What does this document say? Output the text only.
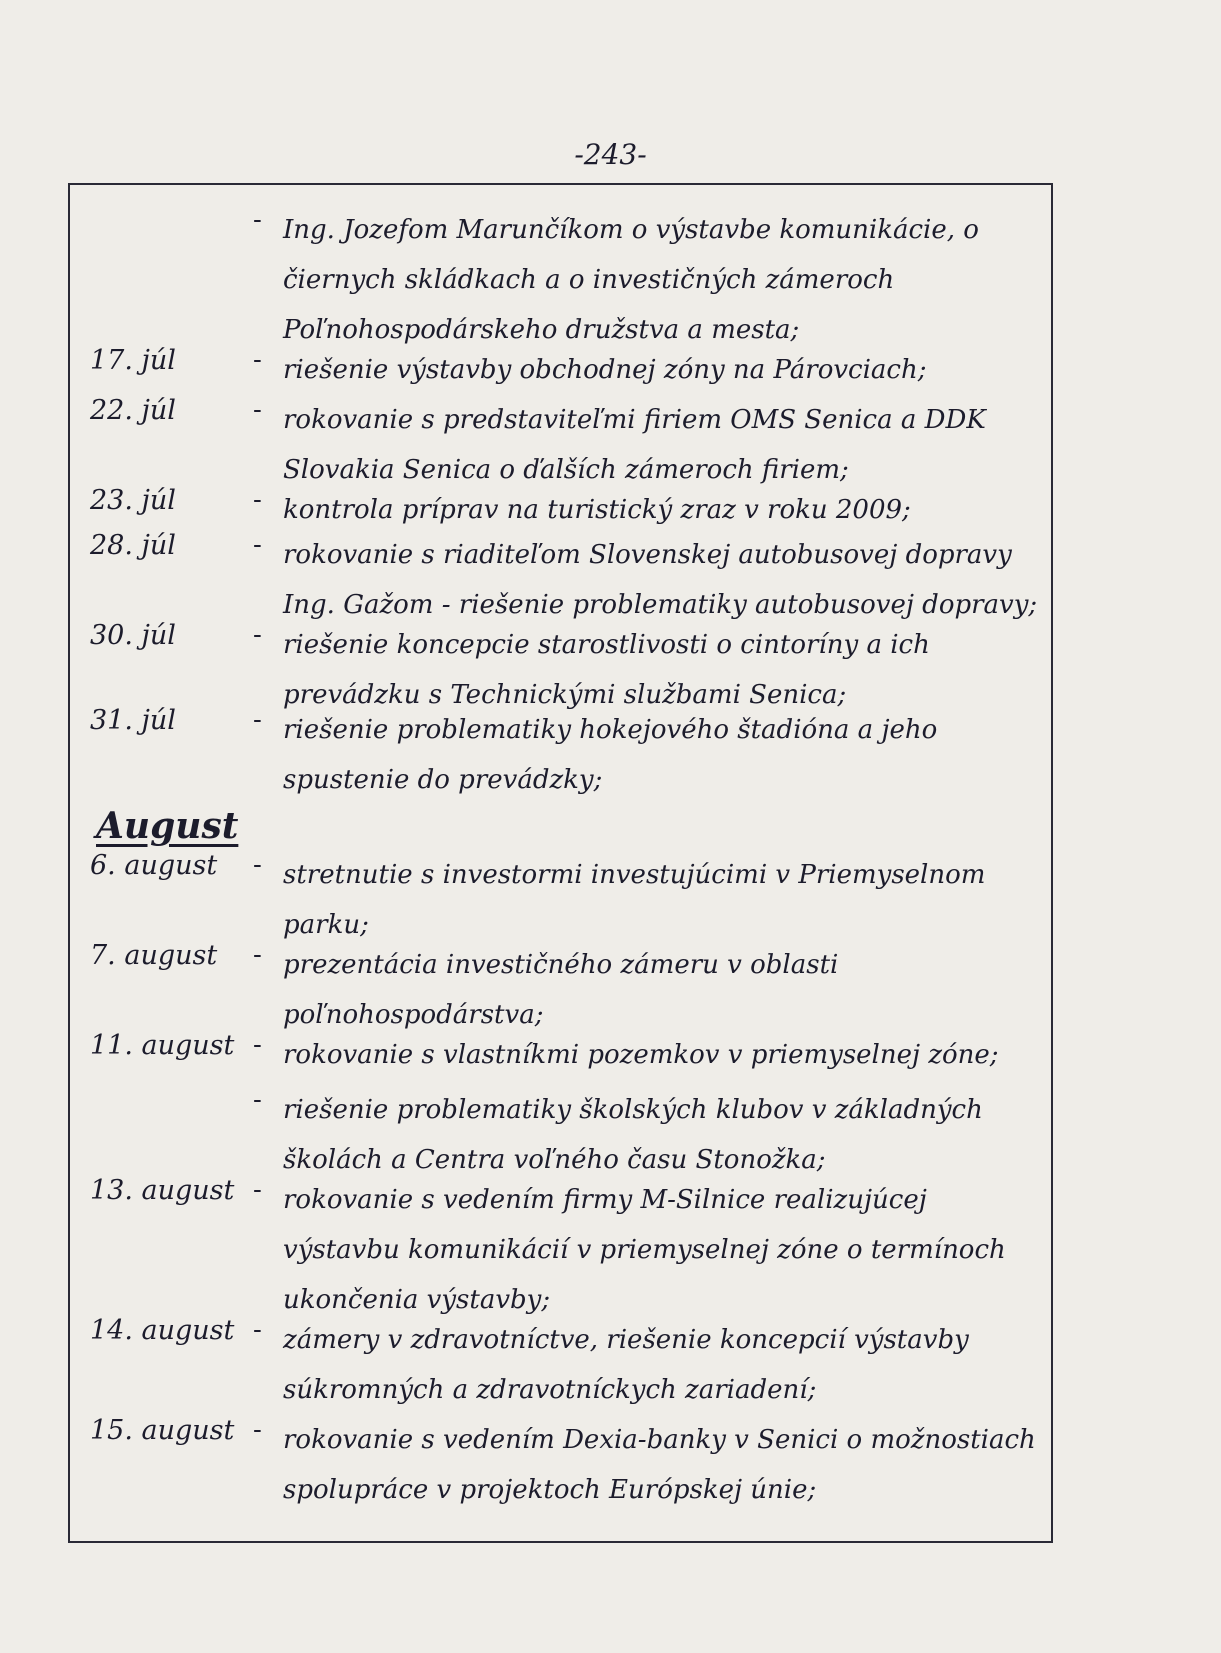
-243-
- Ing. Jozefom Marunčíkom o výstavbe komunikácie, o čiernych skládkach a o investičných zámeroch Poľnohospodárskeho družstva a mesta;
17. júl	- riešenie výstavby obchodnej zóny na Párovciach;
22. júl	- rokovanie s predstaviteľmi firiem OMS Senica a DDK Slovakia Senica o ďalších zámeroch firiem;
23. júl	- kontrola príprav na turistický zraz v roku 2009;
28. júl	- rokovanie s riaditeľom Slovenskej autobusovej dopravy Ing. Gažom - riešenie problematiky autobusovej dopravy;
30. júl	- riešenie koncepcie starostlivosti o cintoríny a ich prevádzku s Technickými službami Senica;
31. júl	- riešenie problematiky hokejového štadióna a jeho spustenie do prevádzky;
August
6. august	- stretnutie s investormi investujúcimi v Priemyselnom parku;
7. august	- prezentácia investičného zámeru v oblasti poľnohospodárstva;
11. august - rokovanie s vlastníkmi pozemkov v priemyselnej zóne;
- riešenie problematiky školských klubov v základných školách a Centra voľného času Stonožka;
13. august - rokovanie s vedením firmy M-Silnice realizujúcej výstavbu komunikácií v priemyselnej zóne o termínoch ukončenia výstavby;
14. august - zámery v zdravotníctve, riešenie koncepcií výstavby súkromných a zdravotníckych zariadení;
15. august - rokovanie s vedením Dexia-banky v Senici o možnostiach spolupráce v projektoch Európskej únie;
